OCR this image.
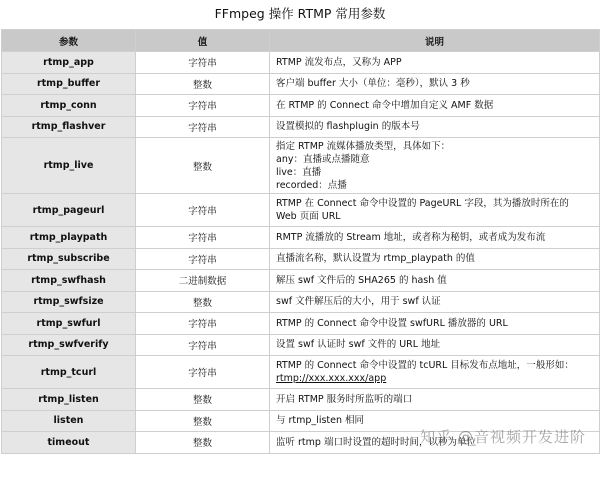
FFmpeg 操作 RTMP 常用参数
参数	值	说明
rtmp_app	字符串	RTMP 流发布点，又称为 APP

rtmp_buffer	整数	客户端 buffer 大小（单位：毫秒），默认 3 秒

rtmp_conn	字符串	在 RTMP 的 Connect 命令中增加自定义 AMF 数据

rtmp_flashver	字符串	设置模拟的 flashplugin 的版本号

rtmp_live	整数	指定 RTMP 流媒体播放类型，具体如下：
any：直播或点播随意
live：直播
recorded：点播

rtmp_pageurl	字符串	RTMP 在 Connect 命令中设置的 PageURL 字段，其为播放时所在的
Web 页面 URL

rtmp_playpath	字符串	RMTP 流播放的 Stream 地址，或者称为秘钥，或者成为发布流

rtmp_subscribe	字符串	直播流名称，默认设置为 rtmp_playpath 的值

rtmp_swfhash	二进制数据	解压 swf 文件后的 SHA265 的 hash 值

rtmp_swfsize	整数	swf 文件解压后的大小，用于 swf 认证

rtmp_swfurl	字符串	RTMP 的 Connect 命令中设置 swfURL 播放器的 URL

rtmp_swfverify	字符串	设置 swf 认证时 swf 文件的 URL 地址

rtmp_tcurl	字符串	RTMP 的 Connect 命令中设置的 tcURL 目标发布点地址，一般形如：
rtmp://xxx.xxx.xxx/app

rtmp_listen	整数	开启 RTMP 服务时所监听的端口

listen	整数	与 rtmp_listen 相同

timeout	整数	监听 rtmp 端口时设置的超时时间，以秒为单位
知乎 @音视频开发进阶
